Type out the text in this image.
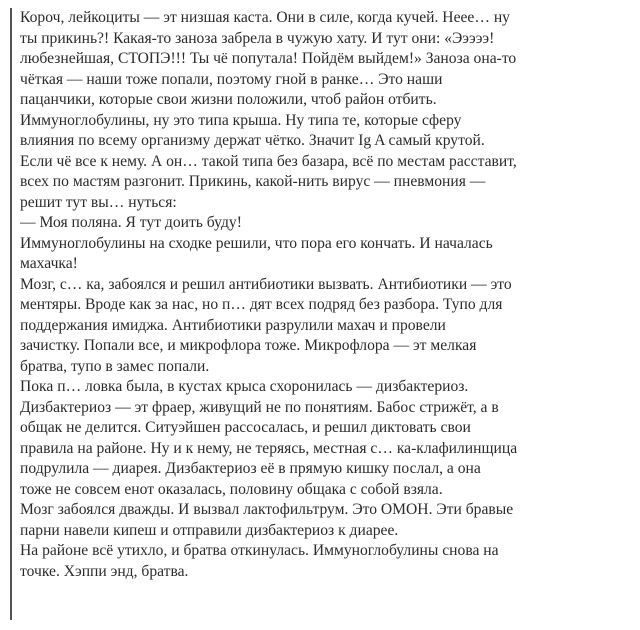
Короч, лейкоциты — эт низшая каста. Они в силе, когда кучей. Неее… ну
ты прикинь?! Какая-то заноза забрела в чужую хату. И тут они: «Эээээ!
любезнейшая, СТОПЭ!!! Ты чё попутала! Пойдём выйдем!» Заноза она-то
чёткая — наши тоже попали, поэтому гной в ранке… Это наши
пацанчики, которые свои жизни положили, чтоб район отбить.
Иммуноглобулины, ну это типа крыша. Ну типа те, которые сферу
влияния по всему организму держат чётко. Значит Ig A самый крутой.
Если чё все к нему. А он… такой типа без базара, всё по местам расставит,
всех по мастям разгонит. Прикинь, какой-нить вирус — пневмония —
решит тут вы… нуться:
— Моя поляна. Я тут доить буду!
Иммуноглобулины на сходке решили, что пора его кончать. И началась
махачка!
Мозг, с… ка, забоялся и решил антибиотики вызвать. Антибиотики — это
ментяры. Вроде как за нас, но п… дят всех подряд без разбора. Тупо для
поддержания имиджа. Антибиотики разрулили махач и провели
зачистку. Попали все, и микрофлора тоже. Микрофлора — эт мелкая
братва, тупо в замес попали.
Пока п… ловка была, в кустах крыса схоронилась — дизбактериоз.
Дизбактериоз — эт фраер, живущий не по понятиям. Бабос стрижёт, а в
общак не делится. Ситуэйшен рассосалась, и решил диктовать свои
правила на районе. Ну и к нему, не теряясь, местная с… ка-клафилинщица
подрулила — диарея. Дизбактериоз её в прямую кишку послал, а она
тоже не совсем енот оказалась, половину общака с собой взяла.
Мозг забоялся дважды. И вызвал лактофильтрум. Это ОМОН. Эти бравые
парни навели кипеш и отправили дизбактериоз к диарее.
На районе всё утихло, и братва откинулась. Иммуноглобулины снова на
точке. Хэппи энд, братва.
